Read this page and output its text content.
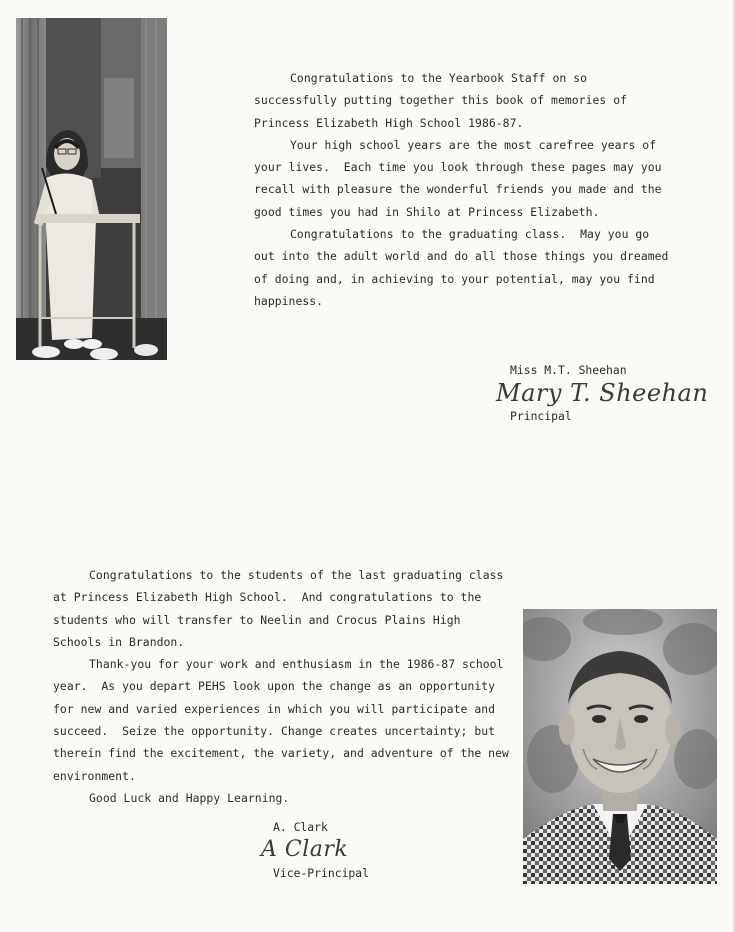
Congratulations to the Yearbook Staff on so successfully putting together this book of memories of Princess Elizabeth High School 1986-87.

Your high school years are the most carefree years of your lives.  Each time you look through these pages may you recall with pleasure the wonderful friends you made and the good times you had in Shilo at Princess Elizabeth.

Congratulations to the graduating class.  May you go out into the adult world and do all those things you dreamed of doing and, in achieving to your potential, may you find happiness.

Miss M.T. Sheehan
Mary T. Sheehan
Principal

Congratulations to the students of the last graduating class at Princess Elizabeth High School.  And congratulations to the students who will transfer to Neelin and Crocus Plains High Schools in Brandon.

Thank-you for your work and enthusiasm in the 1986-87 school year.  As you depart PEHS look upon the change as an opportunity for new and varied experiences in which you will participate and succeed.  Seize the opportunity. Change creates uncertainty; but therein find the excitement, the variety, and adventure of the new environment.

Good Luck and Happy Learning.

A. Clark
A Clark
Vice-Principal
